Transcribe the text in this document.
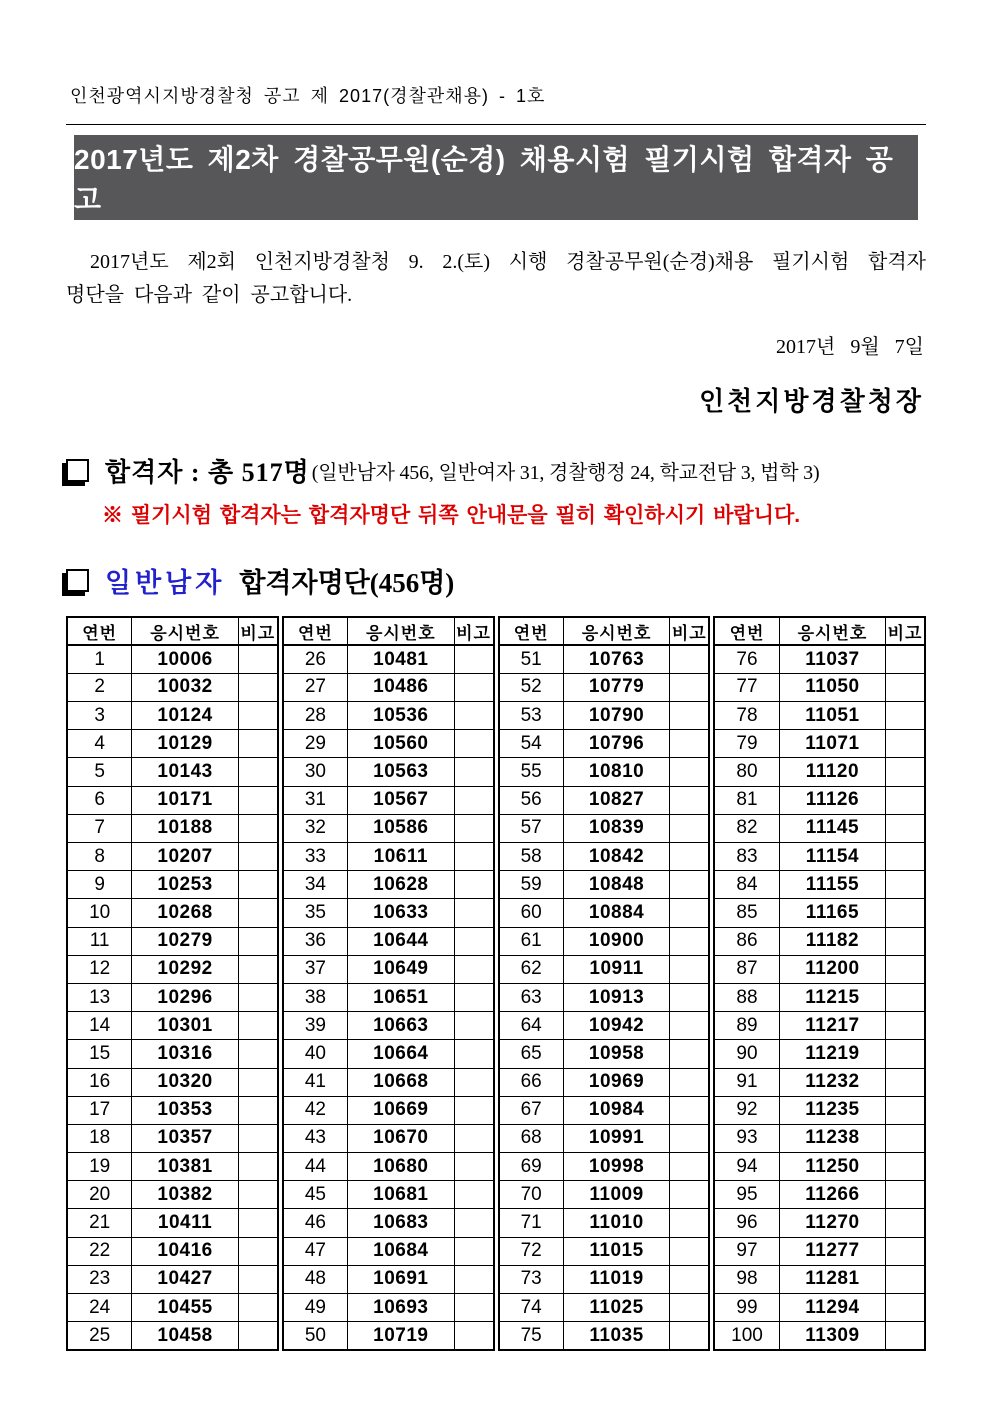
인천광역시지방경찰청 공고 제 2017(경찰관채용) - 1호
2017년도 제2차 경찰공무원(순경) 채용시험 필기시험 합격자 공고
2017년도 제2회 인천지방경찰청 9. 2.(토) 시행 경찰공무원(순경)채용 필기시험 합격자
명단을 다음과 같이 공고합니다.
2017년   9월   7일
인천지방경찰청장
합격자 : 총 517명 (일반남자 456, 일반여자 31, 경찰행정 24, 학교전담 3, 법학 3)
※ 필기시험 합격자는 합격자명단 뒤쪽 안내문을 필히 확인하시기 바랍니다.
일반남자 합격자명단(456명)
연번	응시번호	비고
1	10006	
2	10032	
3	10124	
4	10129	
5	10143	
6	10171	
7	10188	
8	10207	
9	10253	
10	10268	
11	10279	
12	10292	
13	10296	
14	10301	
15	10316	
16	10320	
17	10353	
18	10357	
19	10381	
20	10382	
21	10411	
22	10416	
23	10427	
24	10455	
25	10458	
연번	응시번호	비고
26	10481	
27	10486	
28	10536	
29	10560	
30	10563	
31	10567	
32	10586	
33	10611	
34	10628	
35	10633	
36	10644	
37	10649	
38	10651	
39	10663	
40	10664	
41	10668	
42	10669	
43	10670	
44	10680	
45	10681	
46	10683	
47	10684	
48	10691	
49	10693	
50	10719	
연번	응시번호	비고
51	10763	
52	10779	
53	10790	
54	10796	
55	10810	
56	10827	
57	10839	
58	10842	
59	10848	
60	10884	
61	10900	
62	10911	
63	10913	
64	10942	
65	10958	
66	10969	
67	10984	
68	10991	
69	10998	
70	11009	
71	11010	
72	11015	
73	11019	
74	11025	
75	11035	
연번	응시번호	비고
76	11037	
77	11050	
78	11051	
79	11071	
80	11120	
81	11126	
82	11145	
83	11154	
84	11155	
85	11165	
86	11182	
87	11200	
88	11215	
89	11217	
90	11219	
91	11232	
92	11235	
93	11238	
94	11250	
95	11266	
96	11270	
97	11277	
98	11281	
99	11294	
100	11309	
